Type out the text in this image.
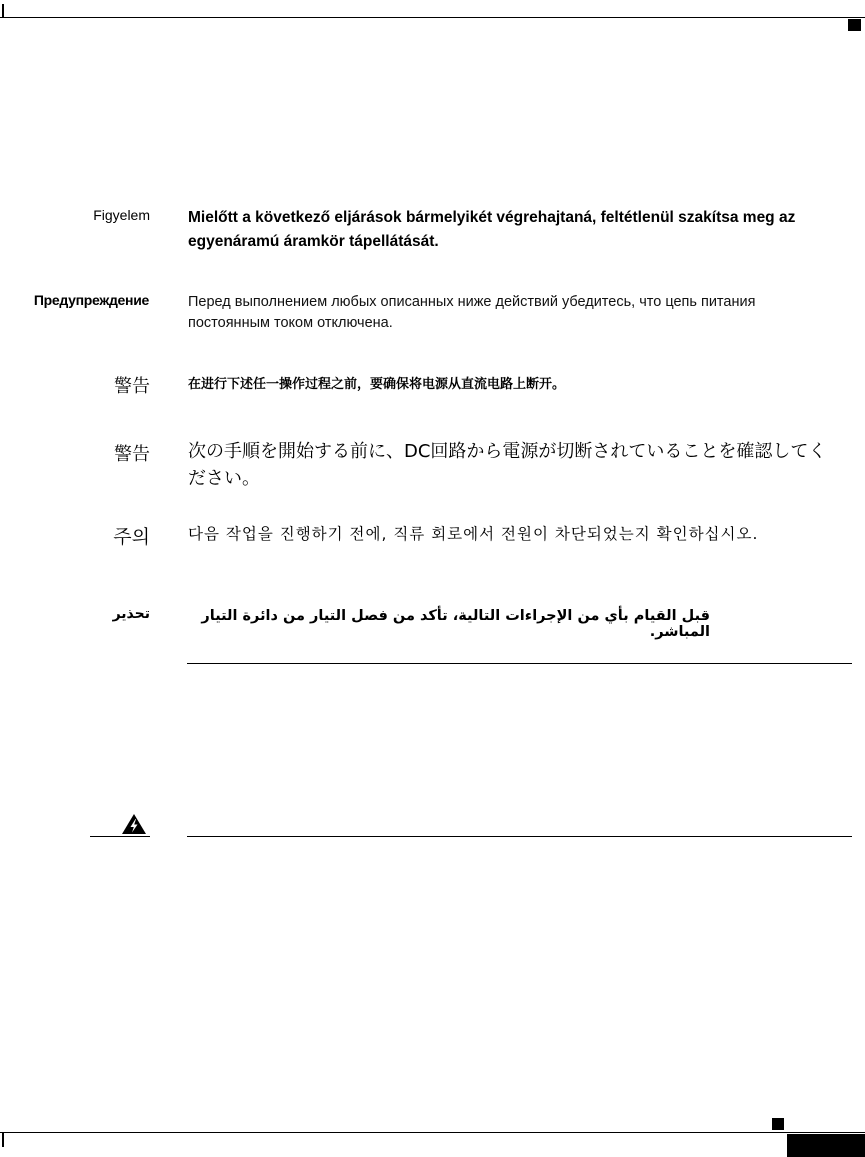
Figyelem Mielőtt a következő eljárások bármelyikét végrehajtaná, feltétlenül szakítsa meg az egyenáramú áramkör tápellátását.
Предупреждение	Перед выполнением любых описанных ниже действий убедитесь, что цепь питания постоянным током отключена.
警告	在进行下述任一操作过程之前，要确保将电源从直流电路上断开。
警告 次の手順を開始する前に、DC回路から電源が切断されていることを確認してください。
주의 다음 작업을 진행하기 전에, 직류 회로에서 전원이 차단되었는지 확인하십시오.
تحذير	قبل القيام بأي من الإجراءات التالية، تأكد من فصل التيار من دائرة التيار المباشر.
